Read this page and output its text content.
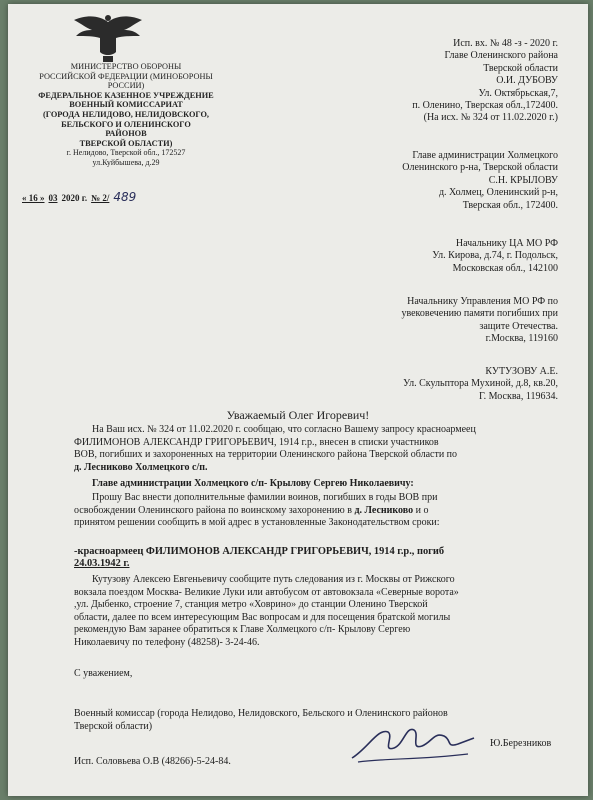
МИНИСТЕРСТВО ОБОРОНЫ
РОССИЙСКОЙ ФЕДЕРАЦИИ (МИНОБОРОНЫ РОССИИ)
ФЕДЕРАЛЬНОЕ КАЗЕННОЕ УЧРЕЖДЕНИЕ
ВОЕННЫЙ КОМИССАРИАТ
(ГОРОДА НЕЛИДОВО, НЕЛИДОВСКОГО,
БЕЛЬСКОГО И ОЛЕНИНСКОГО
РАЙОНОВ
ТВЕРСКОЙ ОБЛАСТИ)
г. Нелидово, Тверской обл., 172527
ул.Куйбышева, д.29
« 16 » 03 2020 г. № 2/ 489
Исп. вх. № 48 -з - 2020 г.
Главе Оленинского района
Тверской области
О.И. ДУБОВУ
Ул. Октябрьская,7,
п. Оленино, Тверская обл.,172400.
(На исх. № 324 от 11.02.2020 г.)
Главе администрации Холмецкого
Оленинского р-на, Тверской области
С.Н. КРЫЛОВУ
д. Холмец, Оленинский р-н,
Тверская обл., 172400.
Начальнику ЦА МО РФ
Ул. Кирова, д.74, г. Подольск,
Московская обл., 142100
Начальнику Управления МО РФ по
увековечению памяти погибших при
защите Отечества.
г.Москва, 119160
КУТУЗОВУ А.Е.
Ул. Скульптора Мухиной, д.8, кв.20,
Г. Москва, 119634.
Уважаемый Олег Игоревич!

На Ваш исх. № 324 от 11.02.2020 г. сообщаю, что согласно Вашему запросу красноармеец

ФИЛИМОНОВ АЛЕКСАНДР ГРИГОРЬЕВИЧ, 1914 г.р., внесен в списки участников

ВОВ, погибших и захороненных на территории Оленинского района Тверской области по

д. Лесниково Холмецкого с/п.

Главе администрации Холмецкого с/п- Крылову Сергею Николаевичу:

Прошу Вас внести дополнительные фамилии воинов, погибших в годы ВОВ при

освобождении Оленинского района по воинскому захоронению в д. Лесниково и о

принятом решении сообщить в мой адрес в установленные Законодательством сроки:

-красноармеец ФИЛИМОНОВ АЛЕКСАНДР ГРИГОРЬЕВИЧ, 1914 г.р., погиб

24.03.1942 г.

Кутузову Алексею Евгеньевичу сообщите путь следования из г. Москвы от Рижского

вокзала поездом Москва- Великие Луки или автобусом от автовокзала «Северные ворота»

,ул. Дыбенко, строение 7, станция метро «Ховрино» до станции Оленино Тверской

области, далее по всем интересующим Вас вопросам и для посещения братской могилы

рекомендую Вам заранее обратиться к Главе Холмецкого с/п- Крылову Сергею

Николаевичу по телефону (48258)- 3-24-46.

С уважением,
Военный комиссар (города Нелидово, Нелидовского, Бельского и Оленинского районов
Тверской области)
Ю.Березников
Исп. Соловьева О.В (48266)-5-24-84.
